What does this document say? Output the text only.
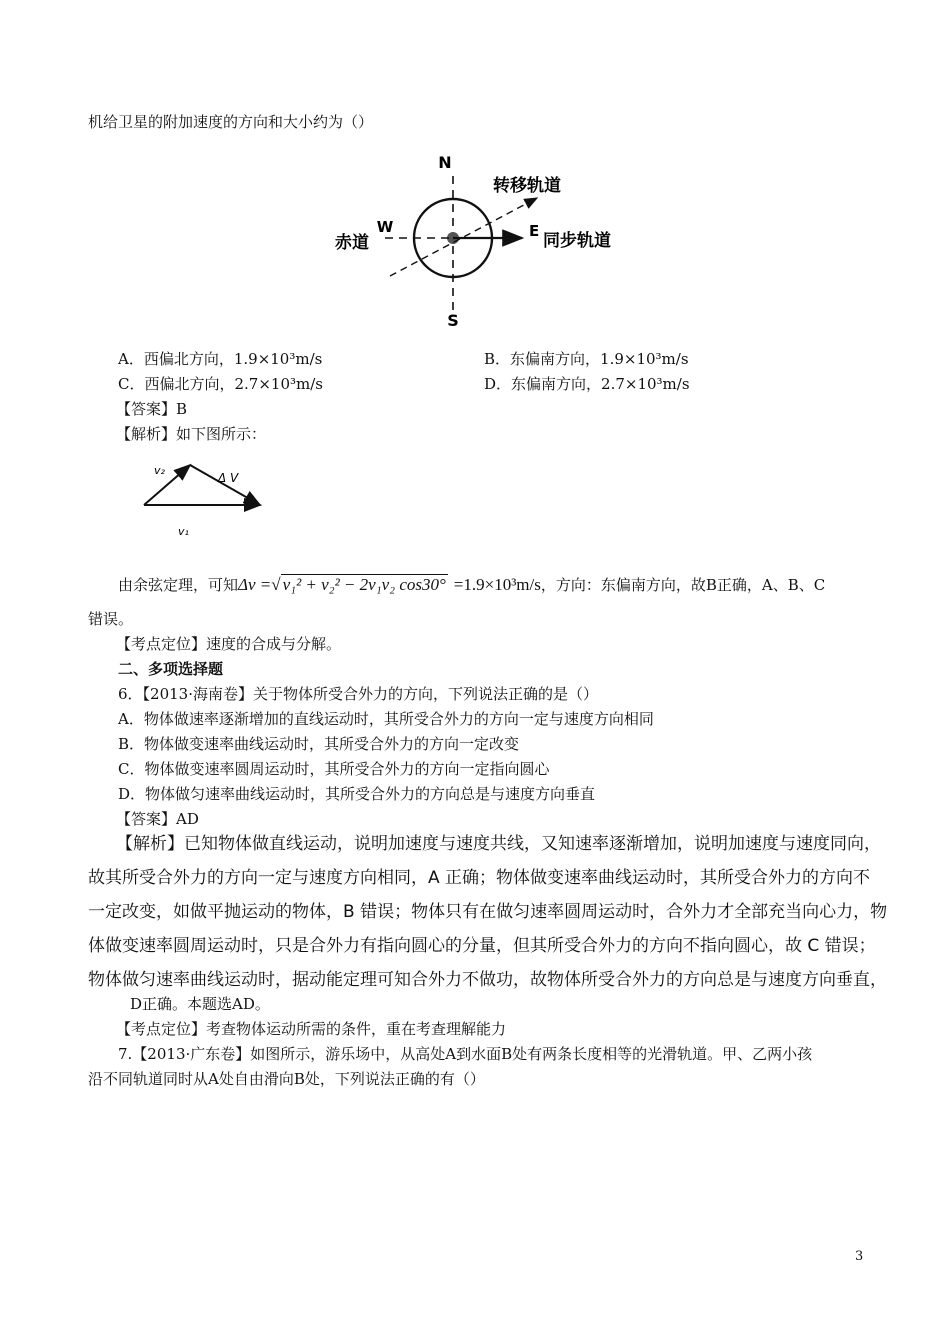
机给卫星的附加速度的方向和大小约为（）
N
S
W
赤道
E 同步轨道
转移轨道
A．西偏北方向，1.9×10³m/s	B．东偏南方向，1.9×10³m/s
C．西偏北方向，2.7×10³m/s	D．东偏南方向，2.7×10³m/s
【答案】B
【解析】如下图所示：
v₂
Δ V
v₁
由余弦定理，可知Δv =√ v₁² + v₂² − 2v₁v₂ cos30° =1.9×10³m/s，方向：东偏南方向，故B正确，A、B、C
错误。
【考点定位】速度的合成与分解。
二、多项选择题
6．【2013·海南卷】关于物体所受合外力的方向，下列说法正确的是（）
A．物体做速率逐渐增加的直线运动时，其所受合外力的方向一定与速度方向相同
B．物体做变速率曲线运动时，其所受合外力的方向一定改变
C．物体做变速率圆周运动时，其所受合外力的方向一定指向圆心
D．物体做匀速率曲线运动时，其所受合外力的方向总是与速度方向垂直
【答案】AD
【解析】已知物体做直线运动，说明加速度与速度共线，又知速率逐渐增加，说明加速度与速度同向，
故其所受合外力的方向一定与速度方向相同，A 正确；物体做变速率曲线运动时，其所受合外力的方向不
一定改变，如做平抛运动的物体，B 错误；物体只有在做匀速率圆周运动时，合外力才全部充当向心力，物
体做变速率圆周运动时，只是合外力有指向圆心的分量，但其所受合外力的方向不指向圆心，故 C 错误；
物体做匀速率曲线运动时，据动能定理可知合外力不做功，故物体所受合外力的方向总是与速度方向垂直，
D正确。本题选AD。
【考点定位】考查物体运动所需的条件，重在考查理解能力
7.【2013·广东卷】如图所示，游乐场中，从高处A到水面B处有两条长度相等的光滑轨道。甲、乙两小孩
沿不同轨道同时从A处自由滑向B处，下列说法正确的有（）
3
